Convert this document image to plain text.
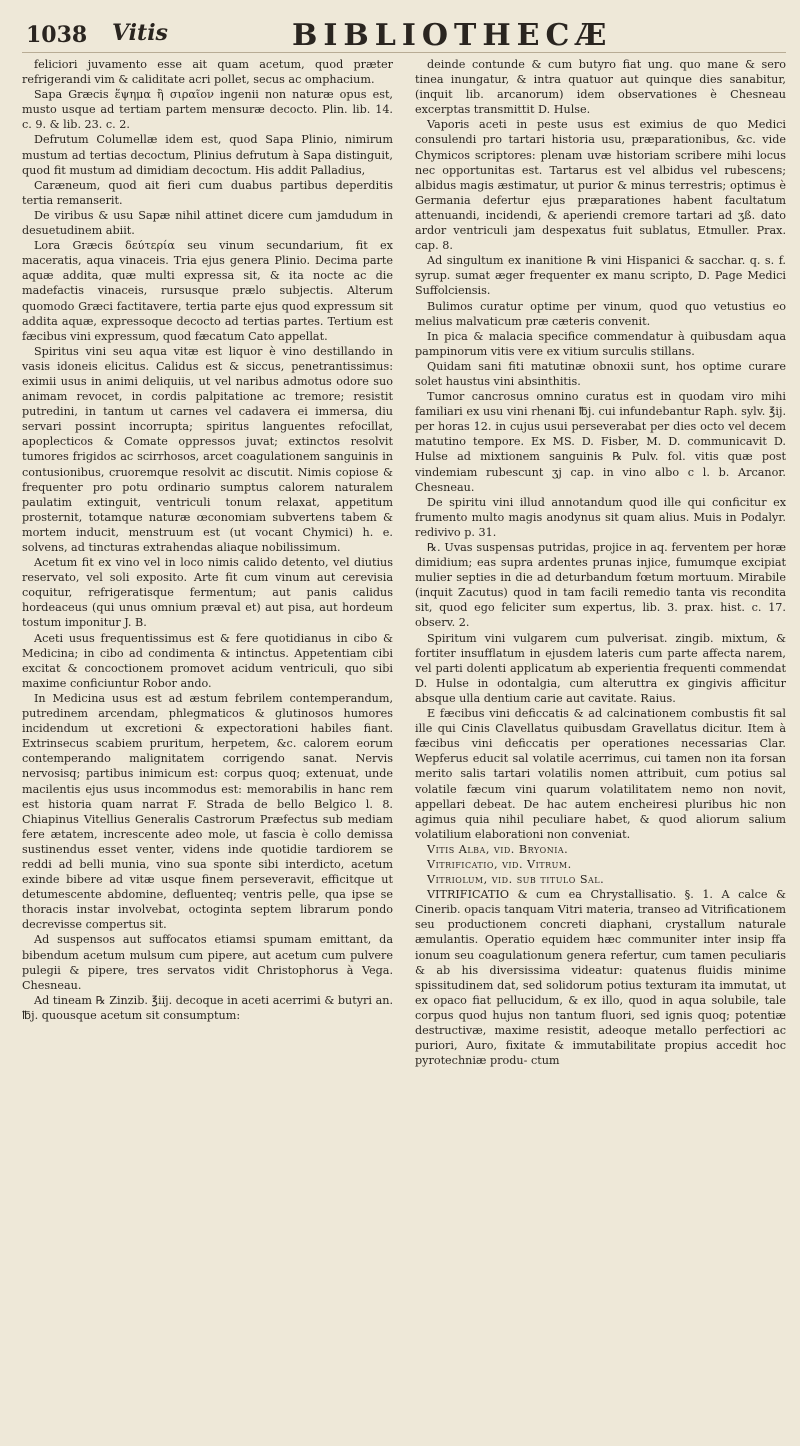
1038 Vitis	BIBLIOTHECÆ

feliciori juvamento esse ait quam acetum, quod præter refrigerandi vim & caliditate acri pollet, secus ac omphacium.

Sapa Græcis ἕψημα ἢ σιραῖον ingenii non naturæ opus est, musto usque ad tertiam partem mensuræ decocto. Plin. lib. 14. c. 9. & lib. 23. c. 2.

Defrutum Columellæ idem est, quod Sapa Plinio, nimirum mustum ad tertias decoctum, Plinius defrutum à Sapa distinguit, quod fit mustum ad dimidiam decoctum. His addit Palladius,

Caræneum, quod ait fieri cum duabus partibus deperditis tertia remanserit.

De viribus & usu Sapæ nihil attinet dicere cum jamdudum in desuetudinem abiit.

Lora Græcis δεύτερία seu vinum secundarium, fit ex maceratis, aqua vinaceis. Tria ejus genera Plinio. Decima parte aquæ addita, quæ multi expressa sit, & ita nocte ac die madefactis vinaceis, rursusque prælo subjectis. Alterum quomodo Græci factitavere, tertia parte ejus quod expressum sit addita aquæ, expressoque decocto ad tertias partes. Tertium est fæcibus vini expressum, quod fæcatum Cato appellat.

Spiritus vini seu aqua vitæ est liquor è vino destillando in vasis idoneis elicitus. Calidus est & siccus, penetrantissimus: eximii usus in animi deliquiis, ut vel naribus admotus odore suo animam revocet, in cordis palpitatione ac tremore; resistit putredini, in tantum ut carnes vel cadavera ei immersa, diu servari possint incorrupta; spiritus languentes refocillat, apoplecticos & Comate oppressos juvat; extinctos resolvit tumores frigidos ac scirrhosos, arcet coagulationem sanguinis in contusionibus, cruoremque resolvit ac discutit. Nimis copiose & frequenter pro potu ordinario sumptus calorem naturalem paulatim extinguit, ventriculi tonum relaxat, appetitum prosternit, totamque naturæ œconomiam subvertens tabem & mortem inducit, menstruum est (ut vocant Chymici) h. e. solvens, ad tincturas extrahendas aliaque nobilissimum.

Acetum fit ex vino vel in loco nimis calido detento, vel diutius reservato, vel soli exposito. Arte fit cum vinum aut cerevisia coquitur, refrigeratisque fermentum; aut panis calidus hordeaceus (qui unus omnium præval et) aut pisa, aut hordeum tostum imponitur J. B.

Aceti usus frequentissimus est & fere quotidianus in cibo & Medicina; in cibo ad condimenta & intinctus. Appetentiam cibi excitat & concoctionem promovet acidum ventriculi, quo sibi maxime conficiuntur Robor ando.

In Medicina usus est ad æstum febrilem contemperandum, putredinem arcendam, phlegmaticos & glutinosos humores incidendum ut excretioni & expectorationi habiles fiant. Extrinsecus scabiem pruritum, herpetem, &c. calorem eorum contemperando malignitatem corrigendo sanat. Nervis nervosisq; partibus inimicum est: corpus quoq; extenuat, unde macilentis ejus usus incommodus est: memorabilis in hanc rem est historia quam narrat F. Strada de bello Belgico l. 8. Chiapinus Vitellius Generalis Castrorum Præfectus sub mediam fere ætatem, increscente adeo mole, ut fascia è collo demissa sustinendus esset venter, videns inde quotidie tardiorem se reddi ad belli munia, vino sua sponte sibi interdicto, acetum exinde bibere ad vitæ usque finem perseveravit, efficitque ut detumescente abdomine, defluenteq; ventris pelle, qua ipse se thoracis instar involvebat, octoginta septem librarum pondo decrevisse compertus sit.

Ad suspensos aut suffocatos etiamsi spumam emittant, da bibendum acetum mulsum cum pipere, aut acetum cum pulvere pulegii & pipere, tres servatos vidit Christophorus à Vega. Chesneau.

Ad tineam ℞ Zinzib. ℥iij. decoque in aceti acerrimi & butyri an. ℔j. quousque acetum sit consumptum:

deinde contunde & cum butyro fiat ung. quo mane & sero tinea inungatur, & intra quatuor aut quinque dies sanabitur, (inquit lib. arcanorum) idem observationes è Chesneau excerptas transmittit D. Hulse.

Vaporis aceti in peste usus est eximius de quo Medici consulendi pro tartari historia usu, præparationibus, &c. vide Chymicos scriptores: plenam uvæ historiam scribere mihi locus nec opportunitas est. Tartarus est vel albidus vel rubescens; albidus magis æstimatur, ut purior & minus terrestris; optimus è Germania defertur ejus præparationes habent facultatum attenuandi, incidendi, & aperiendi cremore tartari ad ʒß. dato ardor ventriculi jam despexatus fuit sublatus, Etmuller. Prax. cap. 8.

Ad singultum ex inanitione ℞ vini Hispanici & sacchar. q. s. f. syrup. sumat æger frequenter ex manu scripto, D. Page Medici Suffolciensis.

Bulimos curatur optime per vinum, quod quo vetustius eo melius malvaticum præ cæteris convenit.

In pica & malacia specifice commendatur à quibusdam aqua pampinorum vitis vere ex vitium surculis stillans.

Quidam sani fiti matutinæ obnoxii sunt, hos optime curare solet haustus vini absinthitis.

Tumor cancrosus omnino curatus est in quodam viro mihi familiari ex usu vini rhenani ℔j. cui infundebantur Raph. sylv. ℥ij. per horas 12. in cujus usui perseverabat per dies octo vel decem matutino tempore. Ex MS. D. Fisber, M. D. communicavit D. Hulse ad mixtionem sanguinis ℞ Pulv. fol. vitis quæ post vindemiam rubescunt ʒj cap. in vino albo c l. b. Arcanor. Chesneau.

De spiritu vini illud annotandum quod ille qui conficitur ex frumento multo magis anodynus sit quam alius. Muis in Podalyr. redivivo p. 31.

℞. Uvas suspensas putridas, projice in aq. ferventem per horæ dimidium; eas supra ardentes prunas injice, fumumque excipiat mulier septies in die ad deturbandum fœtum mortuum. Mirabile (inquit Zacutus) quod in tam facili remedio tanta vis recondita sit, quod ego feliciter sum expertus, lib. 3. prax. hist. c. 17. observ. 2.

Spiritum vini vulgarem cum pulverisat. zingib. mixtum, & fortiter insufflatum in ejusdem lateris cum parte affecta narem, vel parti dolenti applicatum ab experientia frequenti commendat D. Hulse in odontalgia, cum alteruttra ex gingivis afficitur absque ulla dentium carie aut cavitate. Raius.

E fæcibus vini deficcatis & ad calcinationem combustis fit sal ille qui Cinis Clavellatus quibusdam Gravellatus dicitur. Item à fæcibus vini deficcatis per operationes necessarias Clar. Wepferus educit sal volatile acerrimus, cui tamen non ita forsan merito salis tartari volatilis nomen attribuit, cum potius sal volatile fæcum vini quarum volatilitatem nemo non novit, appellari debeat. De hac autem encheiresi pluribus hic non agimus quia nihil peculiare habet, & quod aliorum salium volatilium elaborationi non conveniat.

Vitis Alba, vid. Bryonia.

Vitrificatio, vid. Vitrum.

Vitriolum, vid. sub titulo Sal.

VITRIFICATIO & cum ea Chrystallisatio. §. 1. A calce & Cinerib. opacis tanquam Vitri materia, transeo ad Vitrificationem seu productionem concreti diaphani, crystallum naturale æmulantis. Operatio equidem hæc communiter inter insip ffa ionum seu coagulationum genera refertur, cum tamen peculiaris & ab his diversissima videatur: quatenus fluidis minime spissitudinem dat, sed solidorum potius texturam ita immutat, ut ex opaco fiat pellucidum, & ex illo, quod in aqua solubile, tale corpus quod hujus non tantum fluori, sed ignis quoq; potentiæ destructivæ, maxime resistit, adeoque metallo perfectiori ac puriori, Auro, fixitate & immutabilitate propius accedit hoc pyrotechniæ produ- ctum
